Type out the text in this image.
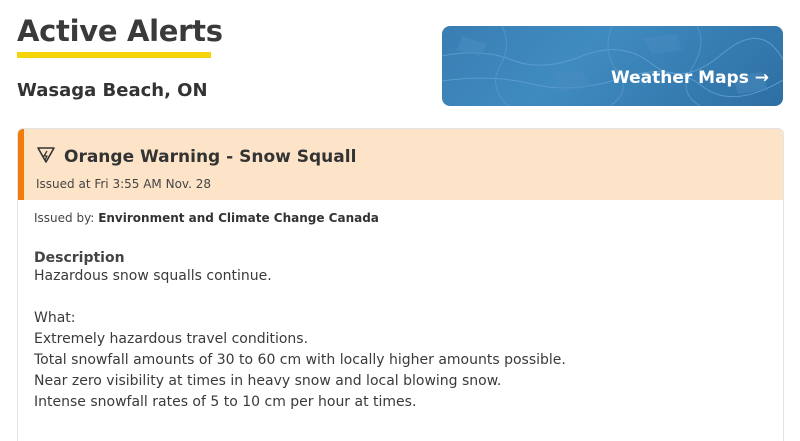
Active Alerts
Wasaga Beach, ON
Weather Maps →
Orange Warning - Snow Squall
Issued at Fri 3:55 AM Nov. 28
Issued by: Environment and Climate Change Canada
Description
Hazardous snow squalls continue.
What:
Extremely hazardous travel conditions.
Total snowfall amounts of 30 to 60 cm with locally higher amounts possible.
Near zero visibility at times in heavy snow and local blowing snow.
Intense snowfall rates of 5 to 10 cm per hour at times.
